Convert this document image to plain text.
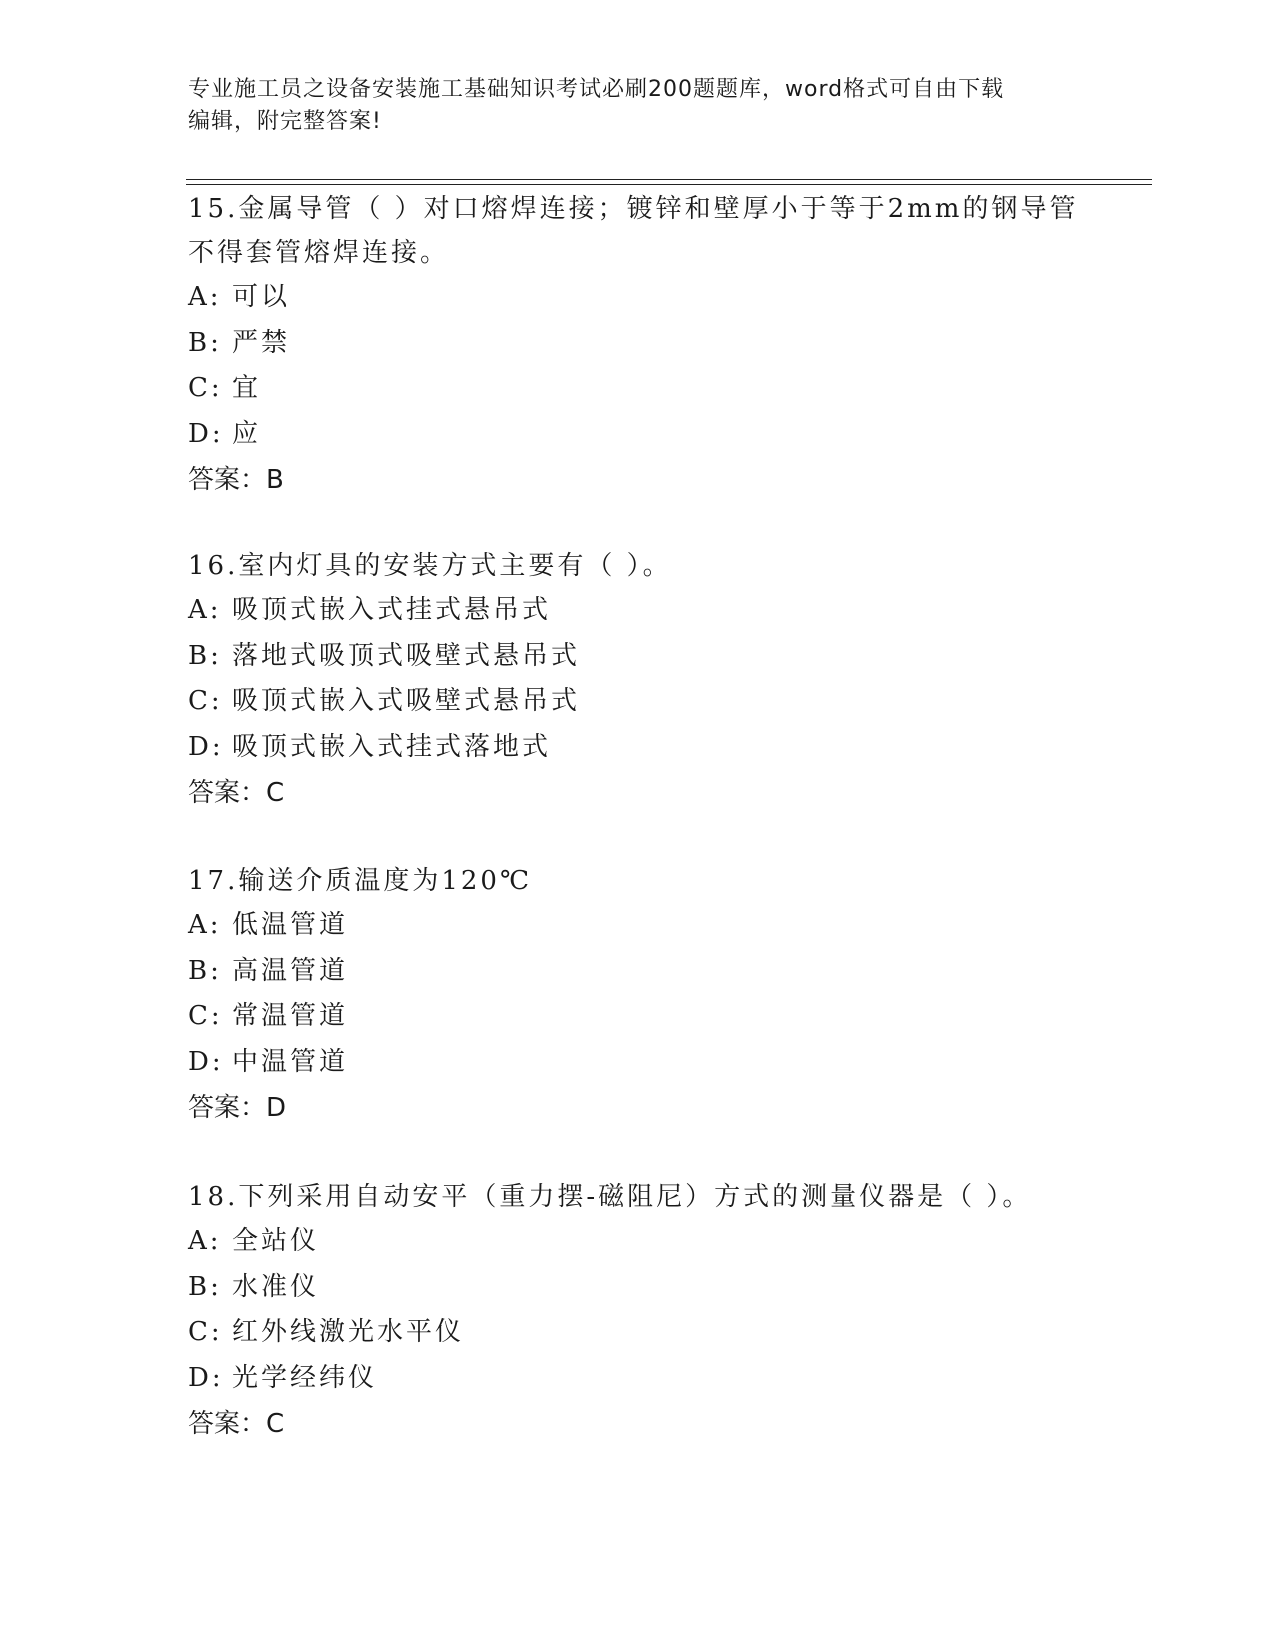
专业施工员之设备安装施工基础知识考试必刷200题题库，word格式可自由下载
编辑，附完整答案!

15.金属导管（ ）对口熔焊连接；镀锌和壁厚小于等于2mm的钢导管

不得套管熔焊连接。

A: 可以

B: 严禁

C: 宜

D: 应

答案：B

16.室内灯具的安装方式主要有（ ）。

A: 吸顶式嵌入式挂式悬吊式

B: 落地式吸顶式吸壁式悬吊式

C: 吸顶式嵌入式吸壁式悬吊式

D: 吸顶式嵌入式挂式落地式

答案：C

17.输送介质温度为120℃

A: 低温管道

B: 高温管道

C: 常温管道

D: 中温管道

答案：D

18.下列采用自动安平（重力摆-磁阻尼）方式的测量仪器是（ ）。

A: 全站仪

B: 水准仪

C: 红外线激光水平仪

D: 光学经纬仪

答案：C
